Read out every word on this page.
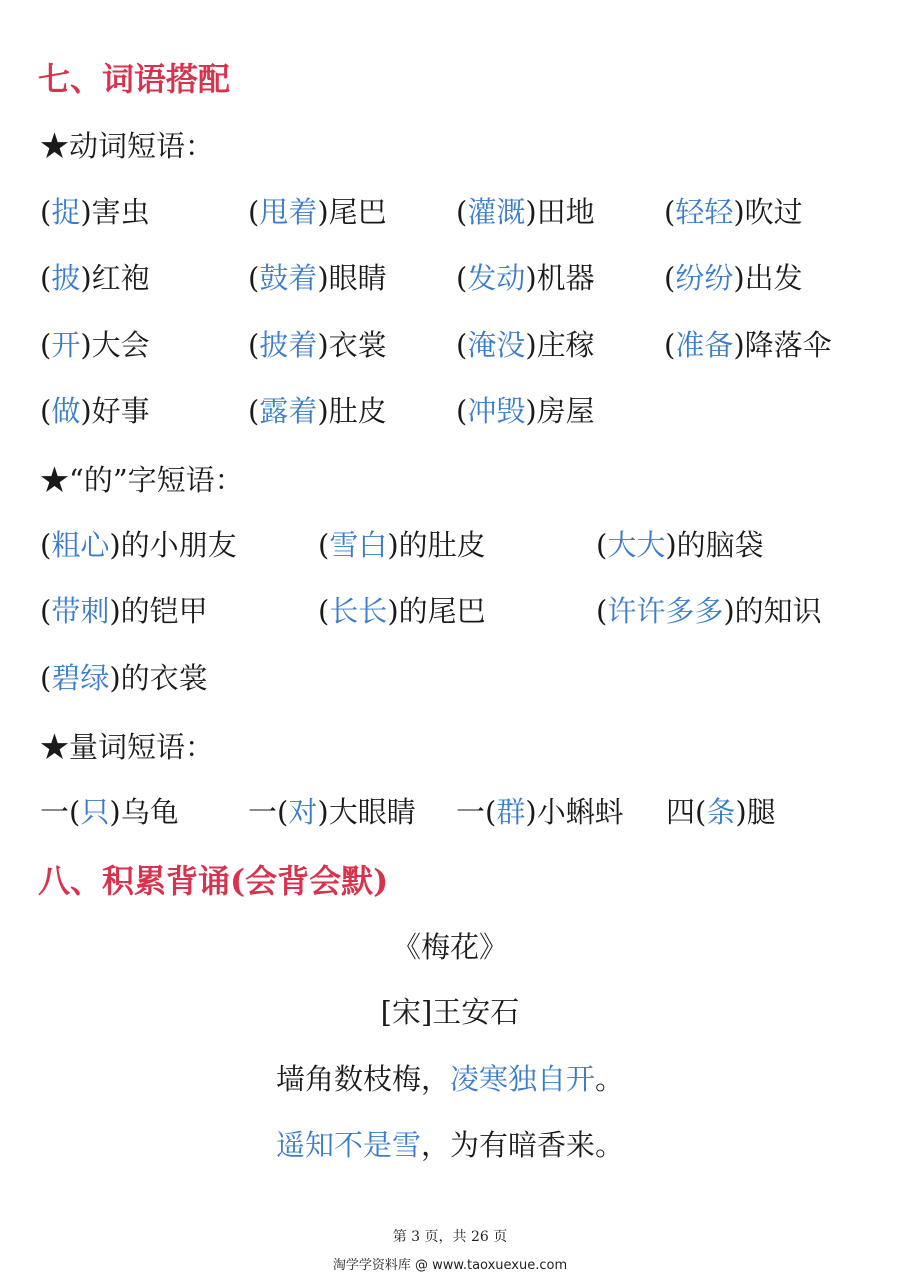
七、词语搭配
★动词短语：
(捉)害虫	(甩着)尾巴 (灌溉)田地 (轻轻)吹过
(披)红袍	(鼓着)眼睛 (发动)机器 (纷纷)出发
(开)大会	(披着)衣裳 (淹没)庄稼 (准备)降落伞
(做)好事	(露着)肚皮 (冲毁)房屋
★“的”字短语：
(粗心)的小朋友	(雪白)的肚皮	(大大)的脑袋
(带刺)的铠甲	(长长)的尾巴	(许许多多)的知识
(碧绿)的衣裳
★量词短语：
一(只)乌龟 一(对)大眼睛 一(群)小蝌蚪 四(条)腿
八、积累背诵(会背会默)
《梅花》
[宋]王安石
墙角数枝梅，凌寒独自开。
遥知不是雪，为有暗香来。
第 3 页，共 26 页
淘学学资料库 @ www.taoxuexue.com
